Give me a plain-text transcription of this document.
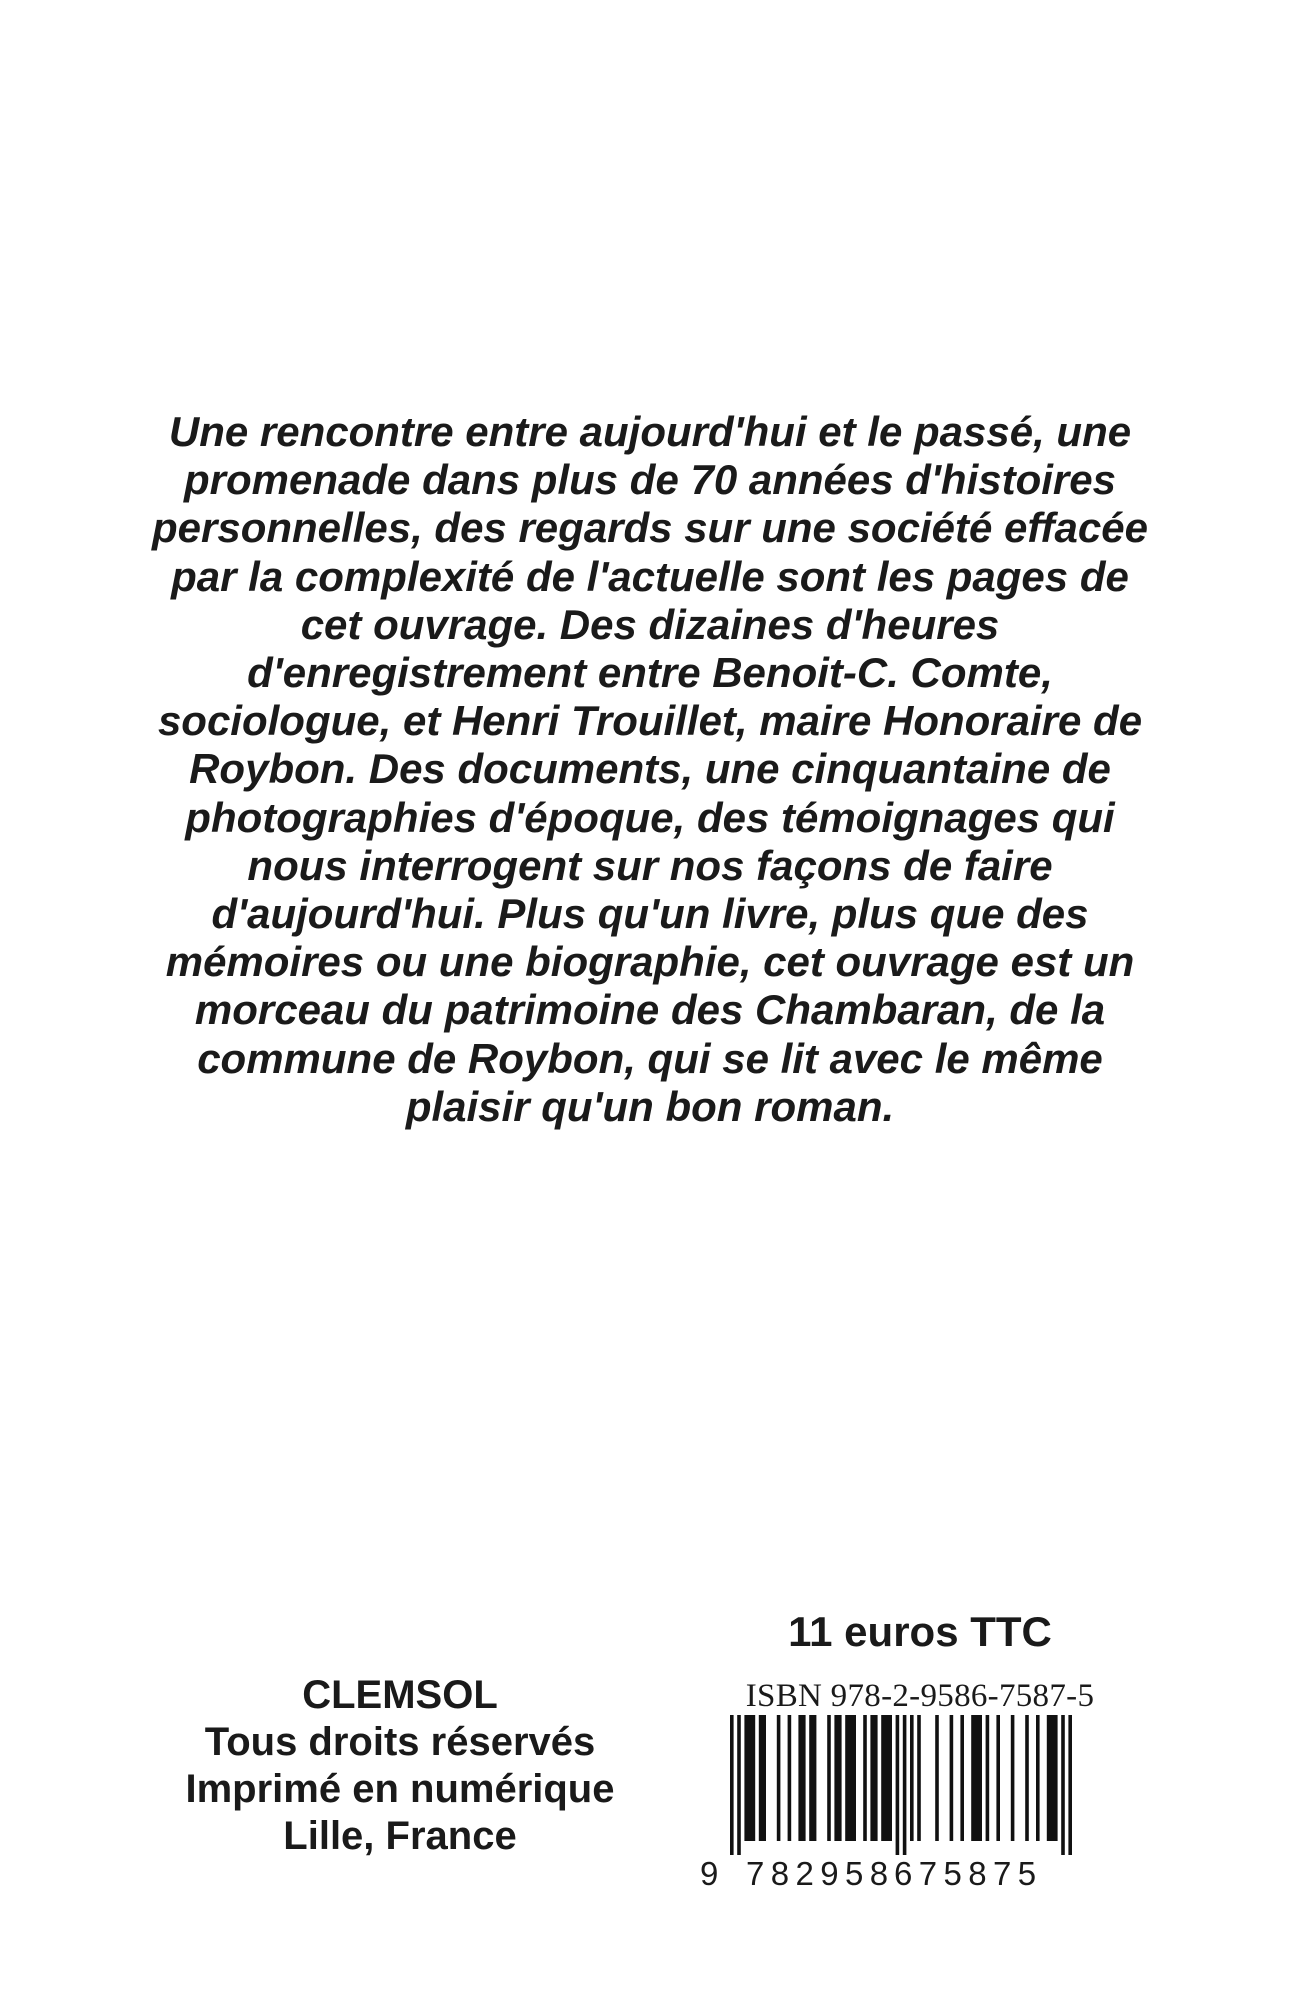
Une rencontre entre aujourd'hui et le passé, une
promenade dans plus de 70 années d'histoires
personnelles, des regards sur une société effacée
par la complexité de l'actuelle sont les pages de
cet ouvrage. Des dizaines d'heures
d'enregistrement entre Benoit-C. Comte,
sociologue, et Henri Trouillet, maire Honoraire de
Roybon. Des documents, une cinquantaine de
photographies d'époque, des témoignages qui
nous interrogent sur nos façons de faire
d'aujourd'hui. Plus qu'un livre, plus que des
mémoires ou une biographie, cet ouvrage est un
morceau du patrimoine des Chambaran, de la
commune de Roybon, qui se lit avec le même
plaisir qu'un bon roman.
11 euros TTC
CLEMSOL
Tous droits réservés
Imprimé en numérique
Lille, France
ISBN 978-2-9586-7587-5
9 782958 675875
